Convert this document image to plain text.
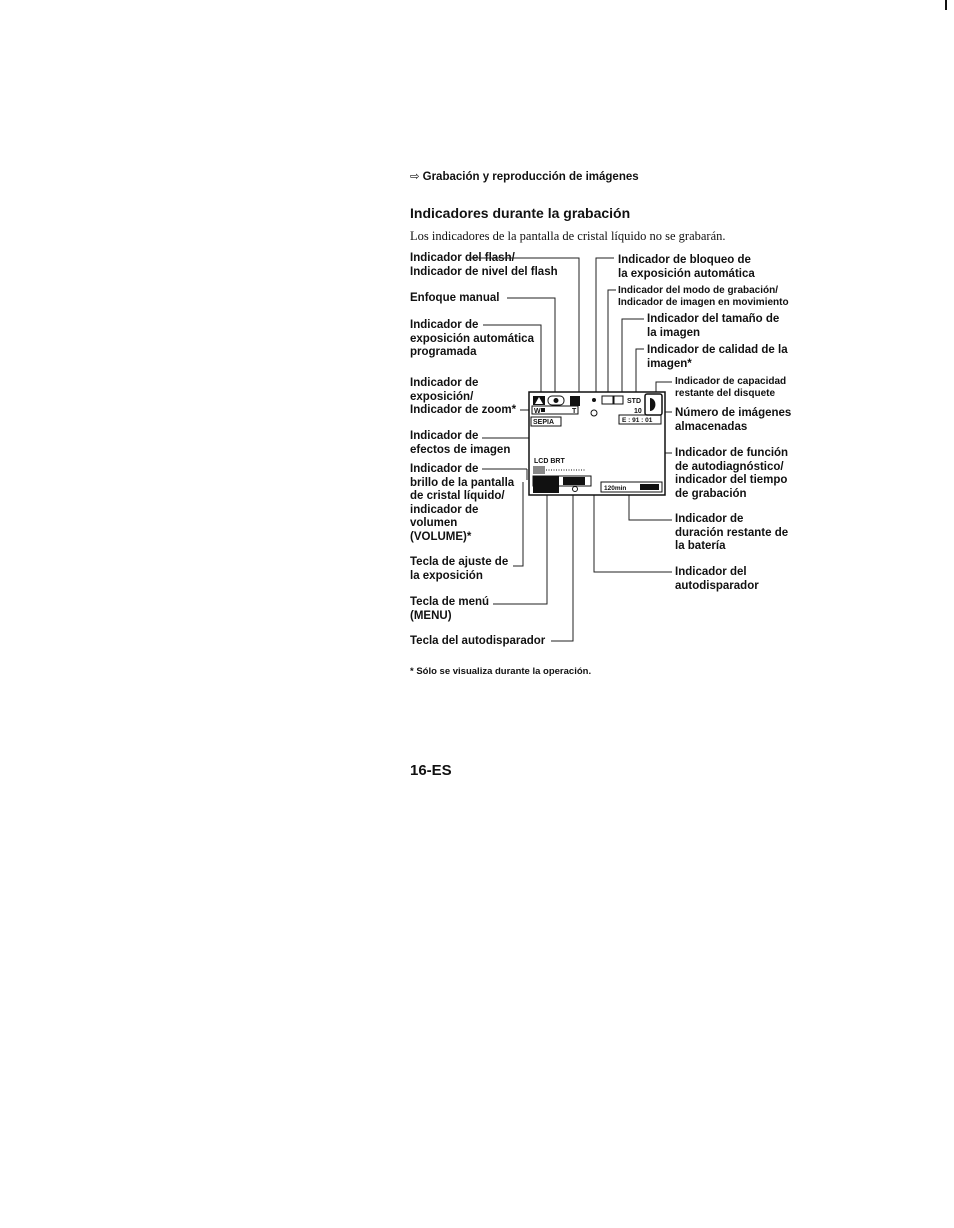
⇨ Grabación y reproducción de imágenes
Indicadores durante la grabación
Los indicadores de la pantalla de cristal líquido no se grabarán.
Indicador del flash/
Indicador de nivel del flash
Enfoque manual
Indicador de
exposición automática
programada
Indicador de
exposición/
Indicador de zoom*
Indicador de
efectos de imagen
Indicador de
brillo de la pantalla
de cristal líquido/
indicador de
volumen
(VOLUME)*
Tecla de ajuste de
la exposición
Tecla de menú
(MENU)
Tecla del autodisparador
Indicador de bloqueo de
la exposición automática
Indicador del modo de grabación/
Indicador de imagen en movimiento
Indicador del tamaño de
la imagen
Indicador de calidad de la
imagen*
Indicador de capacidad
restante del disquete
Número de imágenes
almacenadas
Indicador de función
de autodiagnóstico/
indicador del tiempo
de grabación
Indicador de
duración restante de
la batería
Indicador del
autodisparador
STD
W	T	10
SEPIA	E : 91 : 01
LCD BRT
120min
* Sólo se visualiza durante la operación.
16-ES
